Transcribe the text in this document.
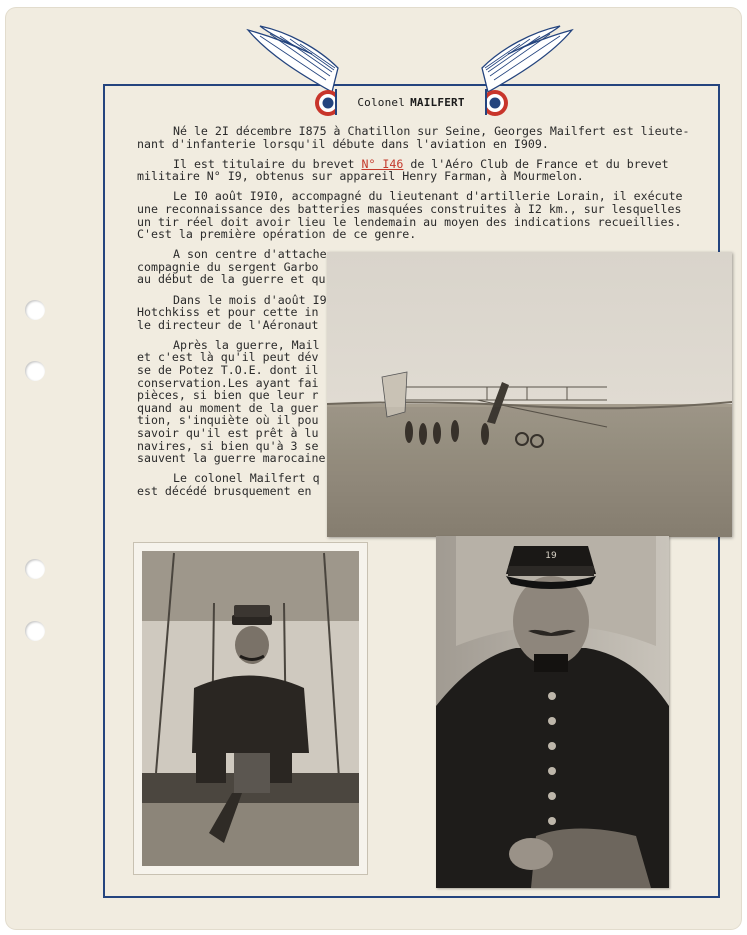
Colonel MAILFERT

Né le 2I décembre I875 à Chatillon sur Seine, Georges Mailfert est lieute-
nant d'infanterie lorsqu'il débute dans l'aviation en I909.

Il est titulaire du brevet N° I46 de l'Aéro Club de France et du brevet
militaire N° I9, obtenus sur appareil Henry Farman, à Mourmelon.

Le I0 août I9I0, accompagné du lieutenant d'artillerie Lorain, il exécute
une reconnaissance des batteries masquées construites à I2 km., sur lesquelles
un tir réel doit avoir lieu le lendemain au moyen des indications recueillies.
C'est la première opération de ce genre.

A son centre d'attache
compagnie du sergent Garbo
au début de la guerre et qu

Dans le mois d'août I9
Hotchkiss et pour cette in
le directeur de l'Aéronaut

Après la guerre, Mail
et c'est là qu'il peut dév
se de Potez T.O.E. dont il
conservation.Les ayant fai
pièces, si bien que leur r
quand au moment de la guer
tion, s'inquiète où il pou
savoir qu'il est prêt à lu
navires, si bien qu'à 3 se
sauvent la guerre marocaine

Le colonel Mailfert q
est décédé brusquement en

19
